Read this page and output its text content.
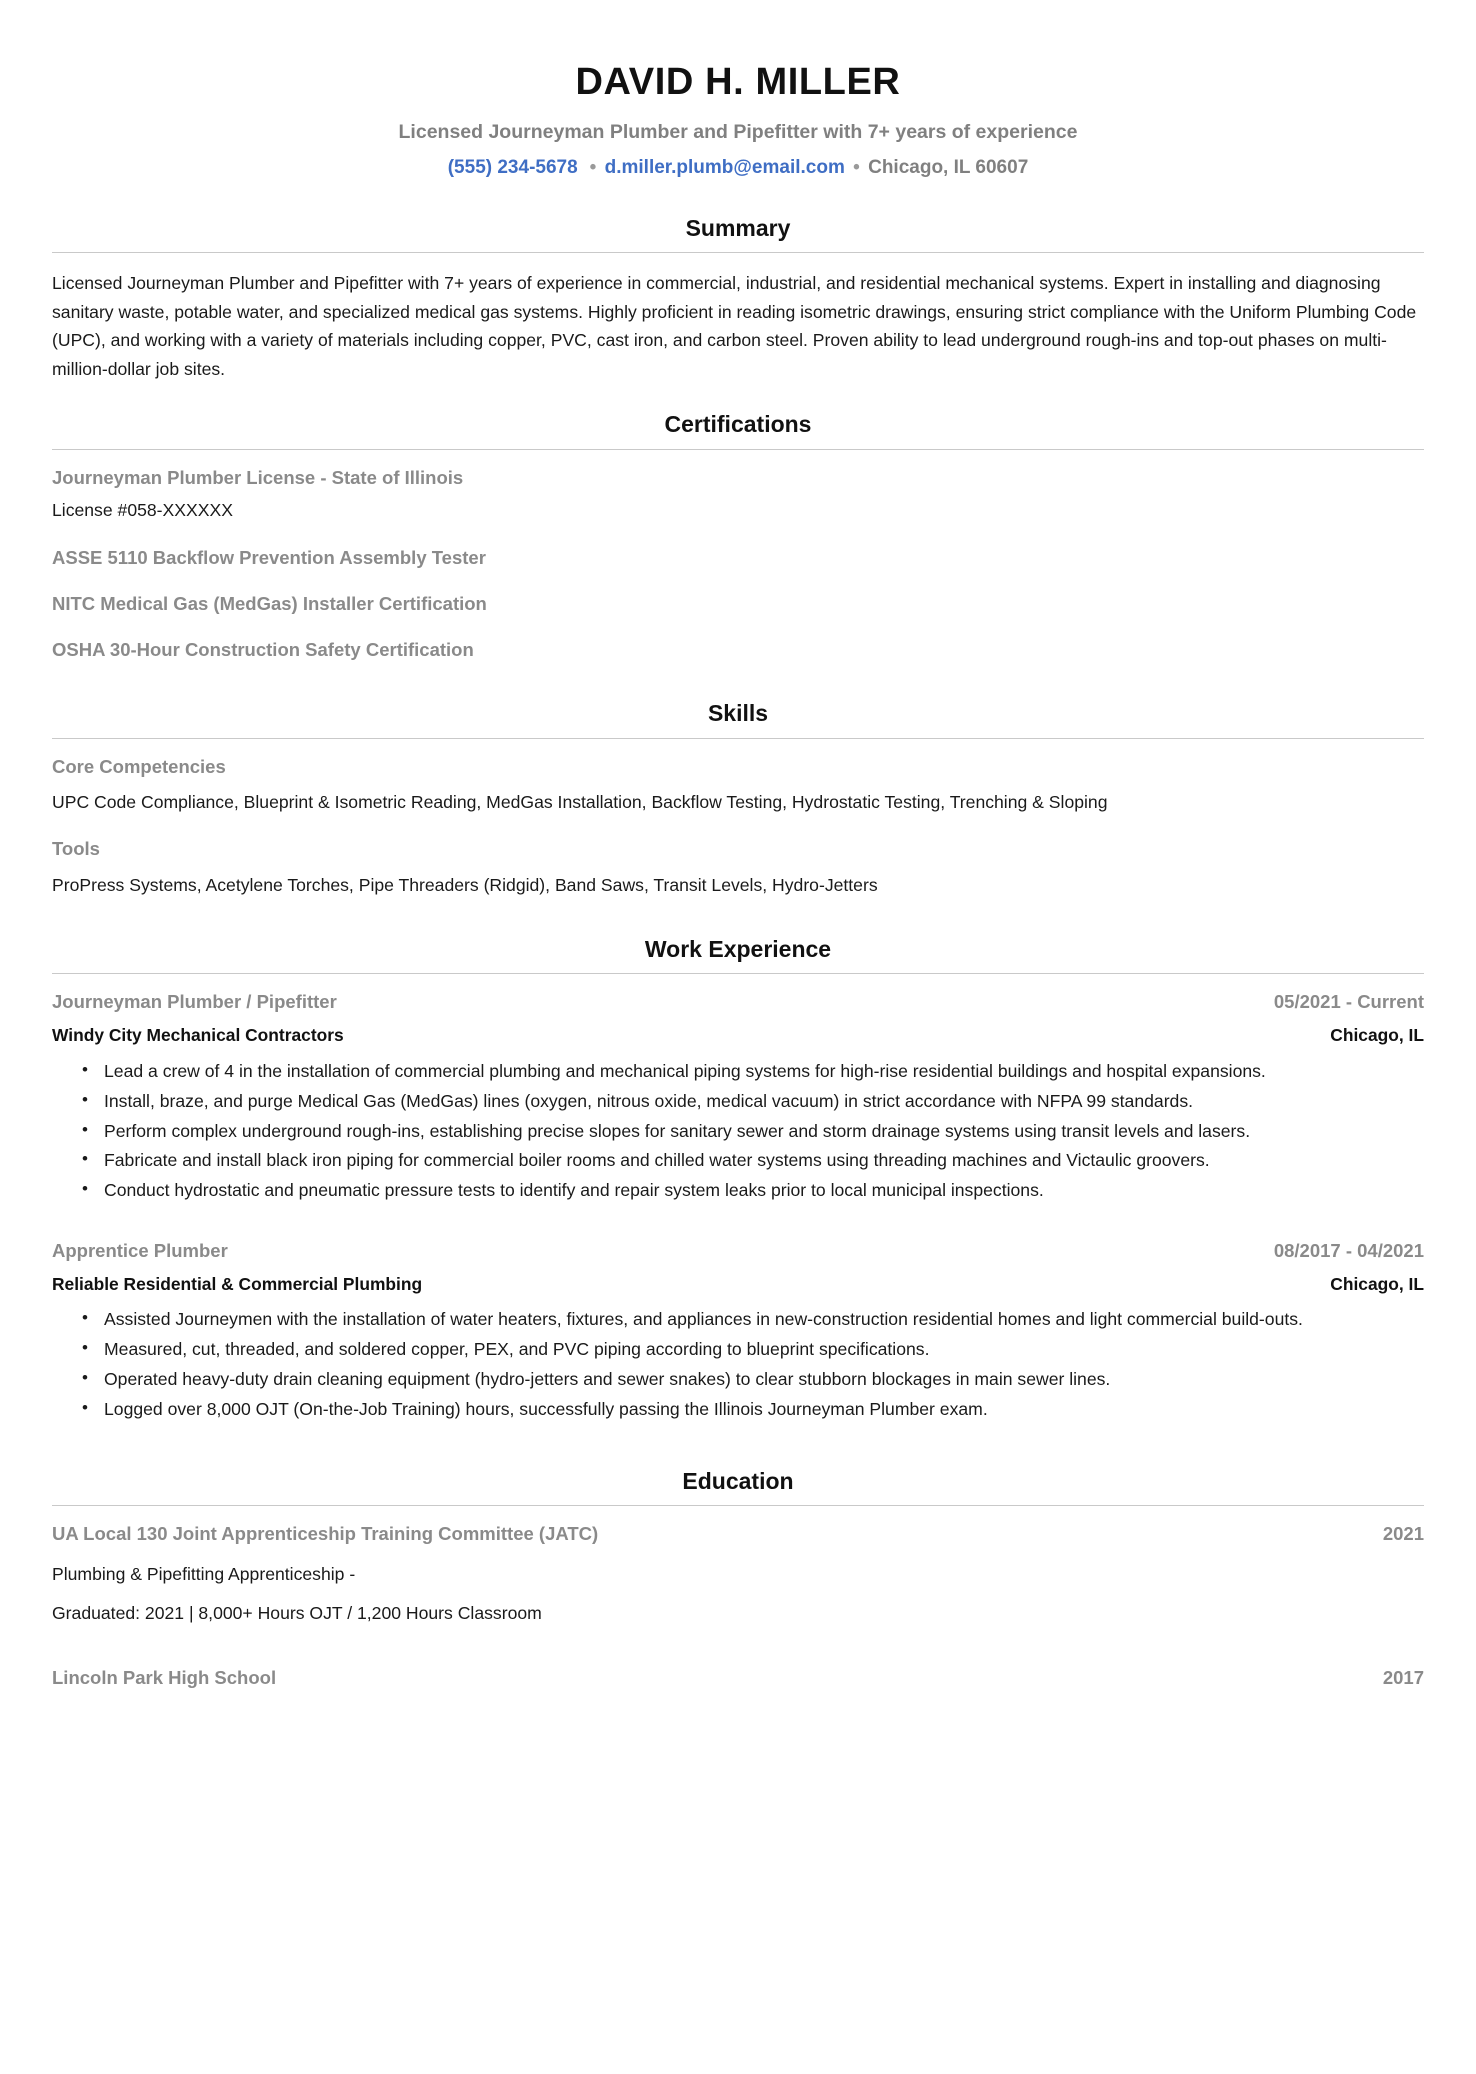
DAVID H. MILLER
Licensed Journeyman Plumber and Pipefitter with 7+ years of experience
(555) 234-5678 • d.miller.plumb@email.com • Chicago, IL 60607
Summary

Licensed Journeyman Plumber and Pipefitter with 7+ years of experience in commercial, industrial, and residential mechanical systems. Expert in installing and diagnosing sanitary waste, potable water, and specialized medical gas systems. Highly proficient in reading isometric drawings, ensuring strict compliance with the Uniform Plumbing Code (UPC), and working with a variety of materials including copper, PVC, cast iron, and carbon steel. Proven ability to lead underground rough-ins and top-out phases on multi-million-dollar job sites.

Certifications
Journeyman Plumber License - State of Illinois
License #058-XXXXXX
ASSE 5110 Backflow Prevention Assembly Tester
NITC Medical Gas (MedGas) Installer Certification
OSHA 30-Hour Construction Safety Certification
Skills
Core Competencies
UPC Code Compliance, Blueprint & Isometric Reading, MedGas Installation, Backflow Testing, Hydrostatic Testing, Trenching & Sloping
Tools
ProPress Systems, Acetylene Torches, Pipe Threaders (Ridgid), Band Saws, Transit Levels, Hydro-Jetters
Work Experience
Journeyman Plumber / Pipefitter	05/2021 - Current
Windy City Mechanical Contractors	Chicago, IL
• Lead a crew of 4 in the installation of commercial plumbing and mechanical piping systems for high-rise residential buildings and hospital expansions.
• Install, braze, and purge Medical Gas (MedGas) lines (oxygen, nitrous oxide, medical vacuum) in strict accordance with NFPA 99 standards.
• Perform complex underground rough-ins, establishing precise slopes for sanitary sewer and storm drainage systems using transit levels and lasers.
• Fabricate and install black iron piping for commercial boiler rooms and chilled water systems using threading machines and Victaulic groovers.
• Conduct hydrostatic and pneumatic pressure tests to identify and repair system leaks prior to local municipal inspections.
Apprentice Plumber	08/2017 - 04/2021
Reliable Residential & Commercial Plumbing	Chicago, IL
• Assisted Journeymen with the installation of water heaters, fixtures, and appliances in new-construction residential homes and light commercial build-outs.
• Measured, cut, threaded, and soldered copper, PEX, and PVC piping according to blueprint specifications.
• Operated heavy-duty drain cleaning equipment (hydro-jetters and sewer snakes) to clear stubborn blockages in main sewer lines.
• Logged over 8,000 OJT (On-the-Job Training) hours, successfully passing the Illinois Journeyman Plumber exam.
Education
UA Local 130 Joint Apprenticeship Training Committee (JATC)	2021
Plumbing & Pipefitting Apprenticeship -
Graduated: 2021 | 8,000+ Hours OJT / 1,200 Hours Classroom
Lincoln Park High School	2017
